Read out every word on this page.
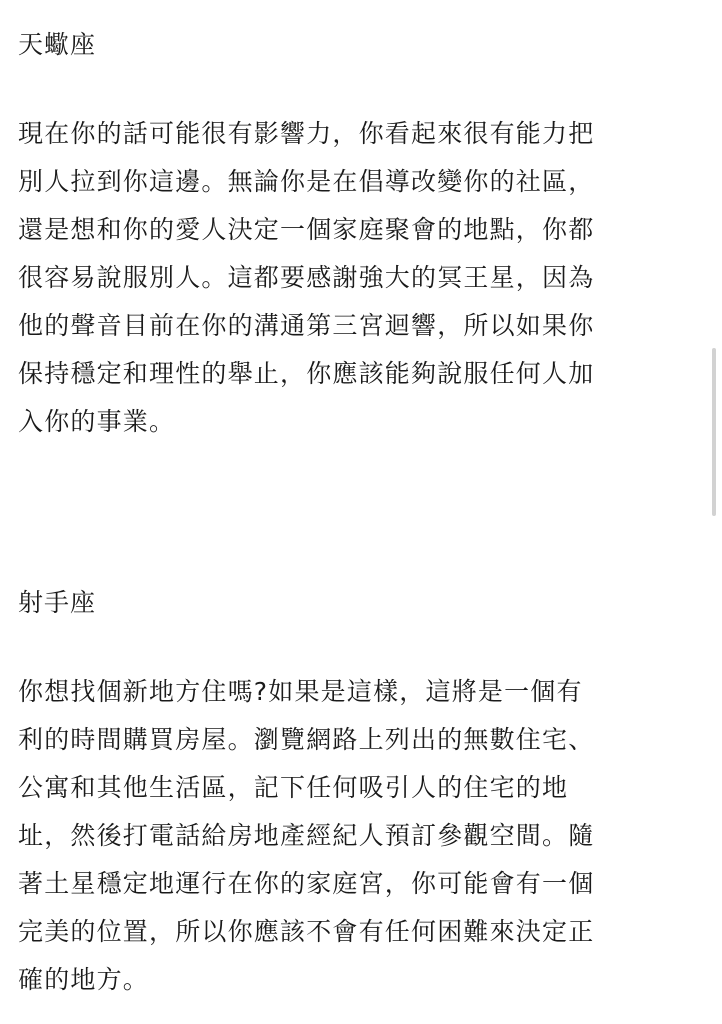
天蠍座

現在你的話可能很有影響力，你看起來很有能力把
別人拉到你這邊。無論你是在倡導改變你的社區，
還是想和你的愛人決定一個家庭聚會的地點，你都
很容易說服別人。這都要感謝強大的冥王星，因為
他的聲音目前在你的溝通第三宮迴響，所以如果你
保持穩定和理性的舉止，你應該能夠說服任何人加
入你的事業。

射手座

你想找個新地方住嗎?如果是這樣，這將是一個有
利的時間購買房屋。瀏覽網路上列出的無數住宅、
公寓和其他生活區，記下任何吸引人的住宅的地
址，然後打電話給房地產經紀人預訂參觀空間。隨
著土星穩定地運行在你的家庭宮，你可能會有一個
完美的位置，所以你應該不會有任何困難來決定正
確的地方。
